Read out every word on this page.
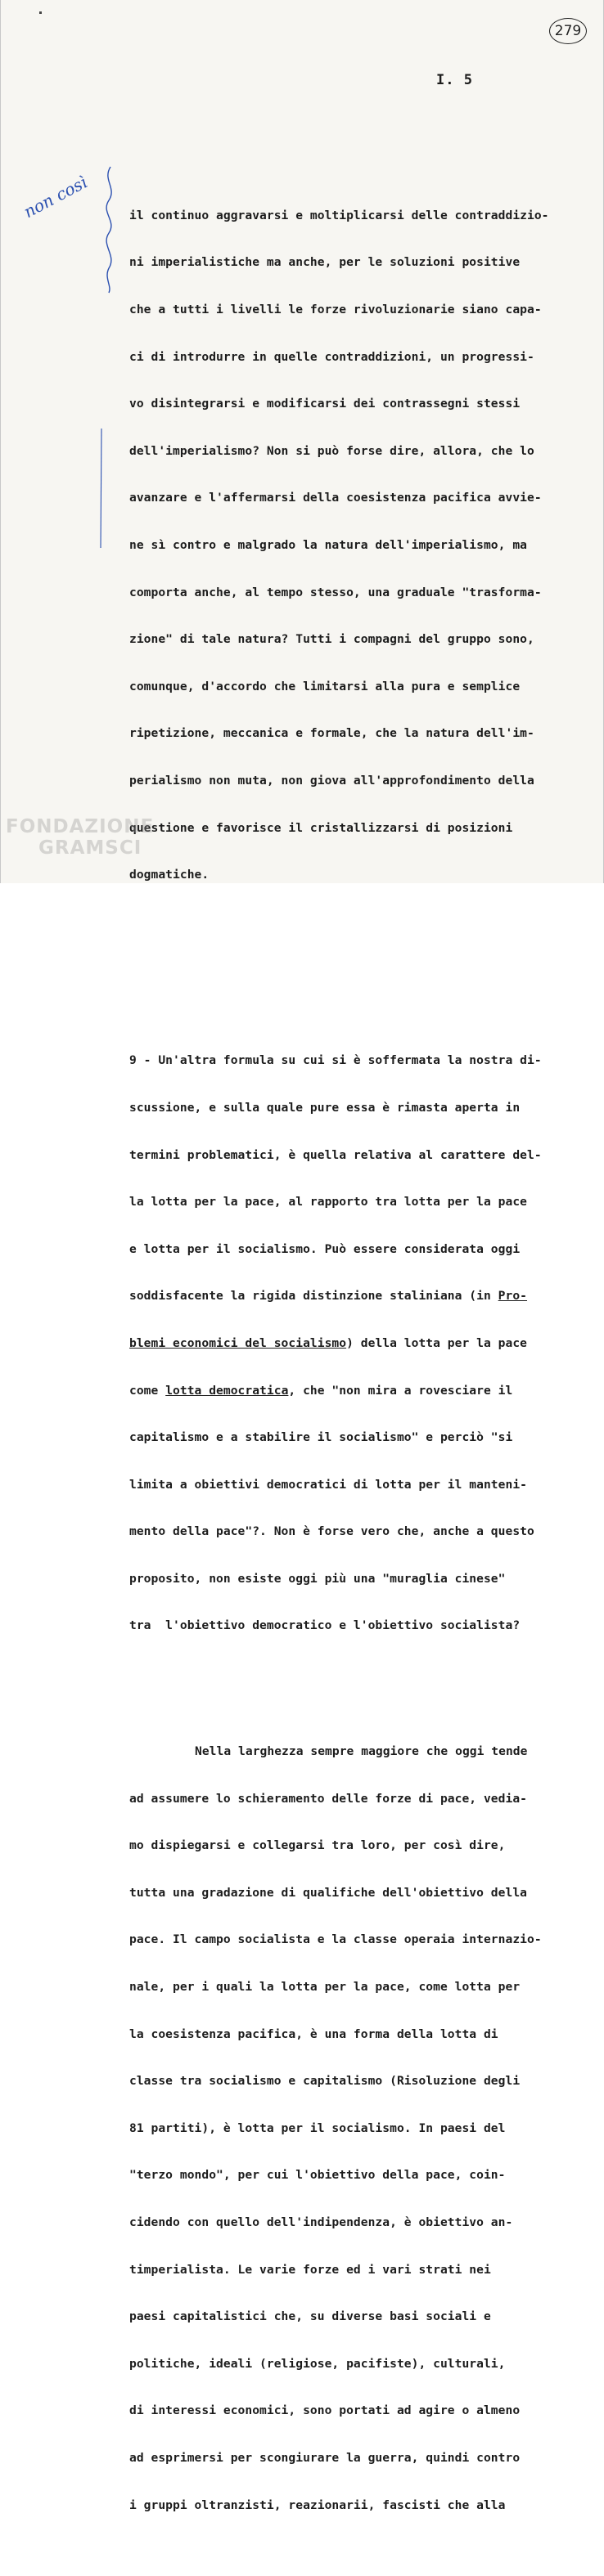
279
I. 5
non così

	il continuo aggravarsi e moltiplicarsi delle contraddizio-

ni imperialistiche ma anche, per le soluzioni positive

che a tutti i livelli le forze rivoluzionarie siano capa-

ci di introdurre in quelle contraddizioni, un progressi-

vo disintegrarsi e modificarsi dei contrassegni stessi

dell'imperialismo? Non si può forse dire, allora, che lo

avanzare e l'affermarsi della coesistenza pacifica avvie-

ne sì contro e malgrado la natura dell'imperialismo, ma

comporta anche, al tempo stesso, una graduale "trasforma-

zione" di tale natura? Tutti i compagni del gruppo sono,

comunque, d'accordo che limitarsi alla pura e semplice

ripetizione, meccanica e formale, che la natura dell'im-

perialismo non muta, non giova all'approfondimento della

questione e favorisce il cristallizzarsi di posizioni

dogmatiche.

9 - Un'altra formula su cui si è soffermata la nostra di-

scussione, e sulla quale pure essa è rimasta aperta in

termini problematici, è quella relativa al carattere del-

la lotta per la pace, al rapporto tra lotta per la pace

e lotta per il socialismo. Può essere considerata oggi

soddisfacente la rigida distinzione staliniana (in Pro-

blemi economici del socialismo) della lotta per la pace

come lotta democratica, che "non mira a rovesciare il

capitalismo e a stabilire il socialismo" e perciò "si

limita a obiettivi democratici di lotta per il manteni-

mento della pace"?. Non è forse vero che, anche a questo

proposito, non esiste oggi più una "muraglia cinese"

tra  l'obiettivo democratico e l'obiettivo socialista?

Nella larghezza sempre maggiore che oggi tende

ad assumere lo schieramento delle forze di pace, vedia-

mo dispiegarsi e collegarsi tra loro, per così dire,

tutta una gradazione di qualifiche dell'obiettivo della

pace. Il campo socialista e la classe operaia internazio-

nale, per i quali la lotta per la pace, come lotta per

la coesistenza pacifica, è una forma della lotta di

classe tra socialismo e capitalismo (Risoluzione degli

81 partiti), è lotta per il socialismo. In paesi del

"terzo mondo", per cui l'obiettivo della pace, coin-

cidendo con quello dell'indipendenza, è obiettivo an-

timperialista. Le varie forze ed i vari strati nei

paesi capitalistici che, su diverse basi sociali e

politiche, ideali (religiose, pacifiste), culturali,

di interessi economici, sono portati ad agire o almeno

ad esprimersi per scongiurare la guerra, quindi contro

i gruppi oltranzisti, reazionarii, fascisti che alla

FONDAZIONE
GRAMSCI
